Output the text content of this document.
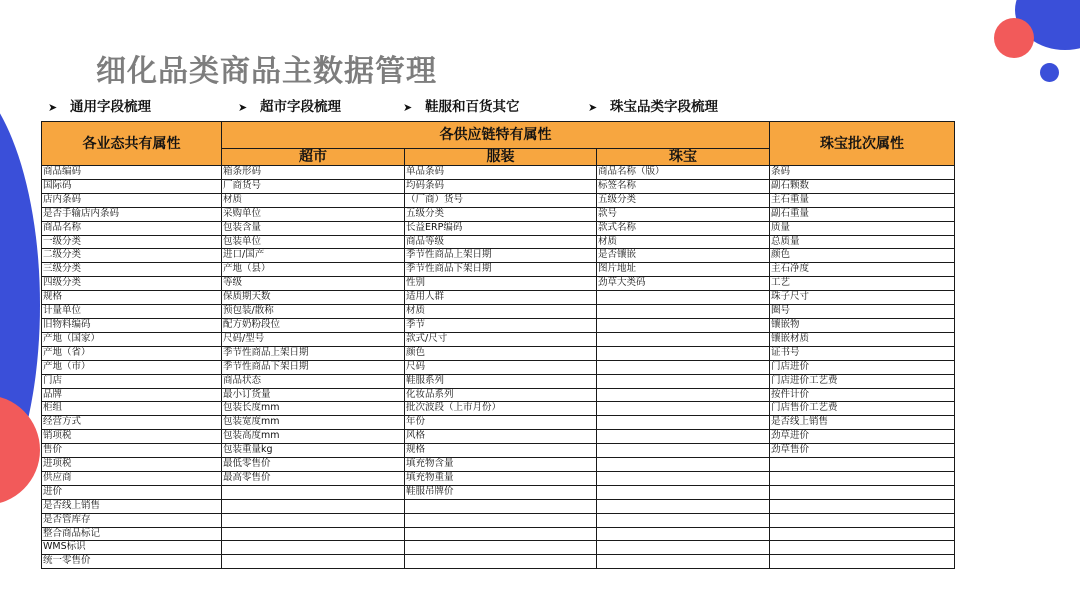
细化品类商品主数据管理
➤ 通用字段梳理	➤ 超市字段梳理	➤ 鞋服和百货其它	➤ 珠宝品类字段梳理
各业态共有属性	各供应链特有属性			珠宝批次属性
	超市	服装	珠宝	
商品编码	箱条形码	单品条码	商品名称（版）	条码
国际码	厂商货号	均码条码	标签名称	副石颗数
店内条码	材质	（厂商）货号	五级分类	主石重量
是否手输店内条码	采购单位	五级分类	款号	副石重量
商品名称	包装含量	长益ERP编码	款式名称	质量
一级分类	包装单位	商品等级	材质	总质量
二级分类	进口/国产	季节性商品上架日期	是否镶嵌	颜色
三级分类	产地（县）	季节性商品下架日期	图片地址	主石净度
四级分类	等级	性别	劲草大类码	工艺
规格	保质期天数	适用人群		珠子尺寸
计量单位	预包装/散称	材质		圈号
旧物料编码	配方奶粉段位	季节		镶嵌物
产地（国家）	尺码/型号	款式/尺寸		镶嵌材质
产地（省）	季节性商品上架日期	颜色		证书号
产地（市）	季节性商品下架日期	尺码		门店进价
门店	商品状态	鞋服系列		门店进价工艺费
品牌	最小订货量	化妆品系列		按件计价
柜组	包装长度mm	批次波段（上市月份）		门店售价工艺费
经营方式	包装宽度mm	年份		是否线上销售
销项税	包装高度mm	风格		劲草进价
售价	包装重量kg	规格		劲草售价
进项税	最低零售价	填充物含量		
供应商	最高零售价	填充物重量		
进价		鞋服吊牌价		
是否线上销售				
是否管库存				
整合商品标记				
WMS标识				
统一零售价				
